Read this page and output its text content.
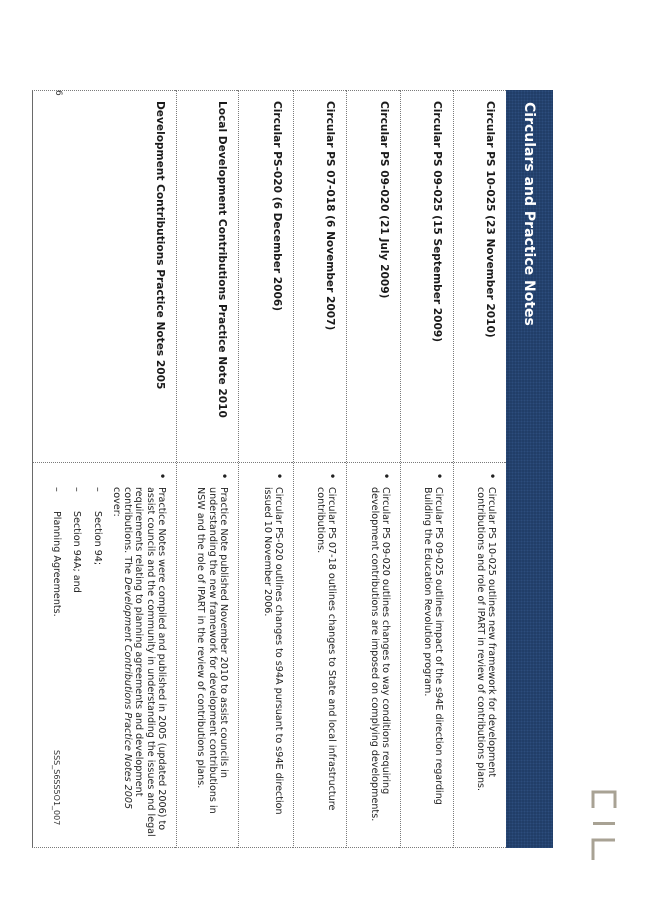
Circulars and Practice Notes
Circular PS 10-025 (23 November 2010)
•
Circular PS 10-025 outlines new framework for development contributions and role of IPART in review of contributions plans.
Circular PS 09-025 (15 September 2009)
•
Circular PS 09-025 outlines impact of the s94E direction regarding Building the Education Revolution program.
Circular PS 09-020 (21 July 2009)
•
Circular PS 09-020 outlines changes to way conditions requiring development contributions are imposed on complying developments.
Circular PS 07-018 (6 November 2007)
•
Circular PS 07-18 outlines changes to State and local infrastructure contributions.
Circular PS-020 (6 December 2006)
•
Circular PS-020 outlines changes to s94A pursuant to s94E direction issued 10 November 2006.
Local Development Contributions Practice Note 2010
•
Practice Note published November 2010 to assist councils in understanding the new framework for development contributions in NSW and the role of IPART in the review of contributions plans.
Development Contributions Practice Notes 2005
•
Practice Notes were compiled and published in 2005 (updated 2006) to assist councils and the community in understanding the issues and legal requirements relating to planning agreements and development contributions. The Development Contributions Practice Notes 2005 cover:
–
Section 94;
–
Section 94A; and
–
Planning Agreements.
6
SSS_S6SS5O1_007
